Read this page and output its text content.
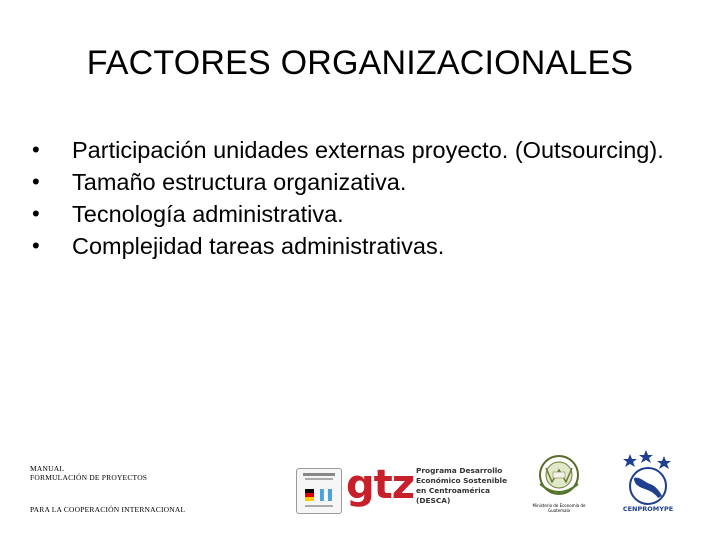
FACTORES ORGANIZACIONALES
• Participación unidades externas proyecto. (Outsourcing).
• Tamaño estructura organizativa.
• Tecnología administrativa.
• Complejidad tareas administrativas.
MANUAL
FORMULACIÓN DE PROYECTOS
PARA LA COOPERACIÓN INTERNACIONAL
gtz Programa Desarrollo
Económico Sostenible
en Centroamérica
(DESCA)
Ministerio de Economía de Guatemala	CENPROMYPE
